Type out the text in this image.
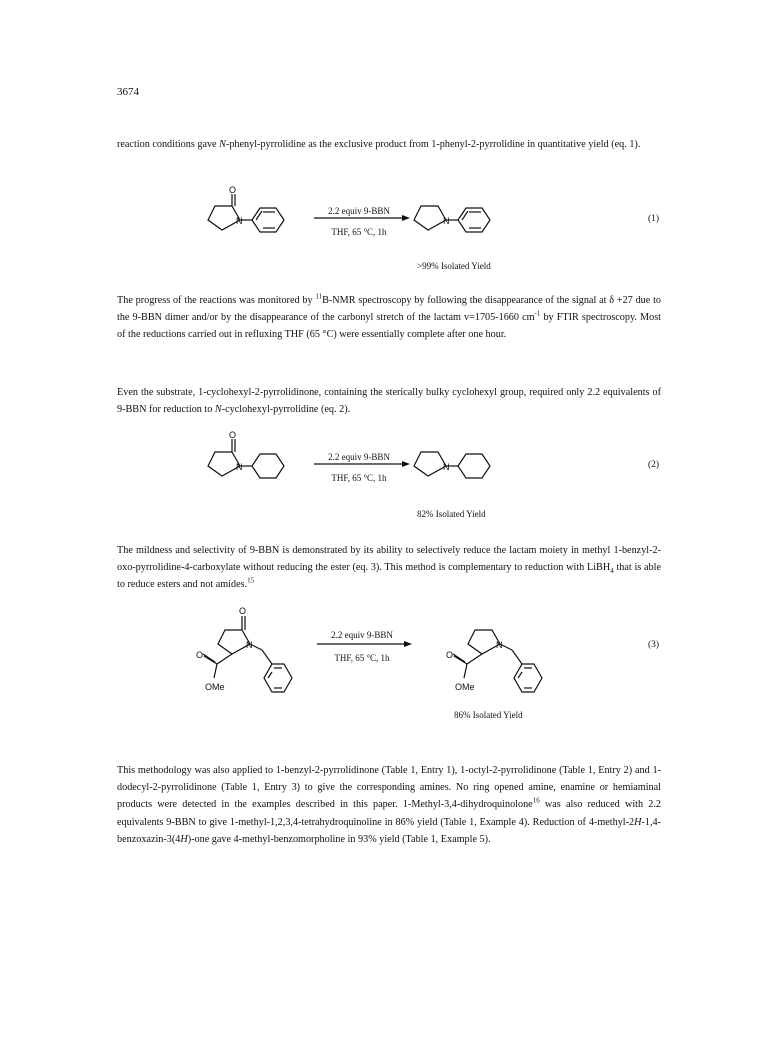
3674

reaction conditions gave N-phenyl-pyrrolidine as the exclusive product from 1-phenyl-2-pyrrolidine in quantitative yield (eq. 1).

O
N	N
2.2 equiv 9-BBN
THF, 65 °C, 1h
(1)
>99% Isolated Yield

The progress of the reactions was monitored by $^{11}$B-NMR spectroscopy by following the disappearance of the signal at δ +27 due to the 9-BBN dimer and/or by the disappearance of the carbonyl stretch of the lactam v=1705-1660 $cm^{-1}$ by FTIR spectroscopy. Most of the reductions carried out in refluxing THF (65 °C) were essentially complete after one hour.

Even the substrate, 1-cyclohexyl-2-pyrrolidinone, containing the sterically bulky cyclohexyl group, required only 2.2 equivalents of 9-BBN for reduction to N-cyclohexyl-pyrrolidine (eq. 2).

O
N	N
2.2 equiv 9-BBN
THF, 65 °C, 1h
(2)
82% Isolated Yield

The mildness and selectivity of 9-BBN is demonstrated by its ability to selectively reduce the lactam moiety in methyl 1-benzyl-2-oxo-pyrrolidine-4-carboxylate without reducing the ester (eq. 3). This method is complementary to reduction with LiBH$_4$ that is able to reduce esters and not amides.$^{15}$

O
O
OMe
N
O
OMe
N
2.2 equiv 9-BBN
THF, 65 °C, 1h
(3)
86% Isolated Yield

This methodology was also applied to 1-benzyl-2-pyrrolidinone (Table 1, Entry 1), 1-octyl-2-pyrrolidinone (Table 1, Entry 2) and 1-dodecyl-2-pyrrolidinone (Table 1, Entry 3) to give the corresponding amines. No ring opened amine, enamine or hemiaminal products were detected in the examples described in this paper. 1-Methyl-3,4-dihydroquinolone$^{16}$ was also reduced with 2.2 equivalents 9-BBN to give 1-methyl-1,2,3,4-tetrahydroquinoline in 86% yield (Table 1, Example 4). Reduction of 4-methyl-2H-1,4-benzoxazin-3(4H)-one gave 4-methyl-benzomorpholine in 93% yield (Table 1, Example 5).
